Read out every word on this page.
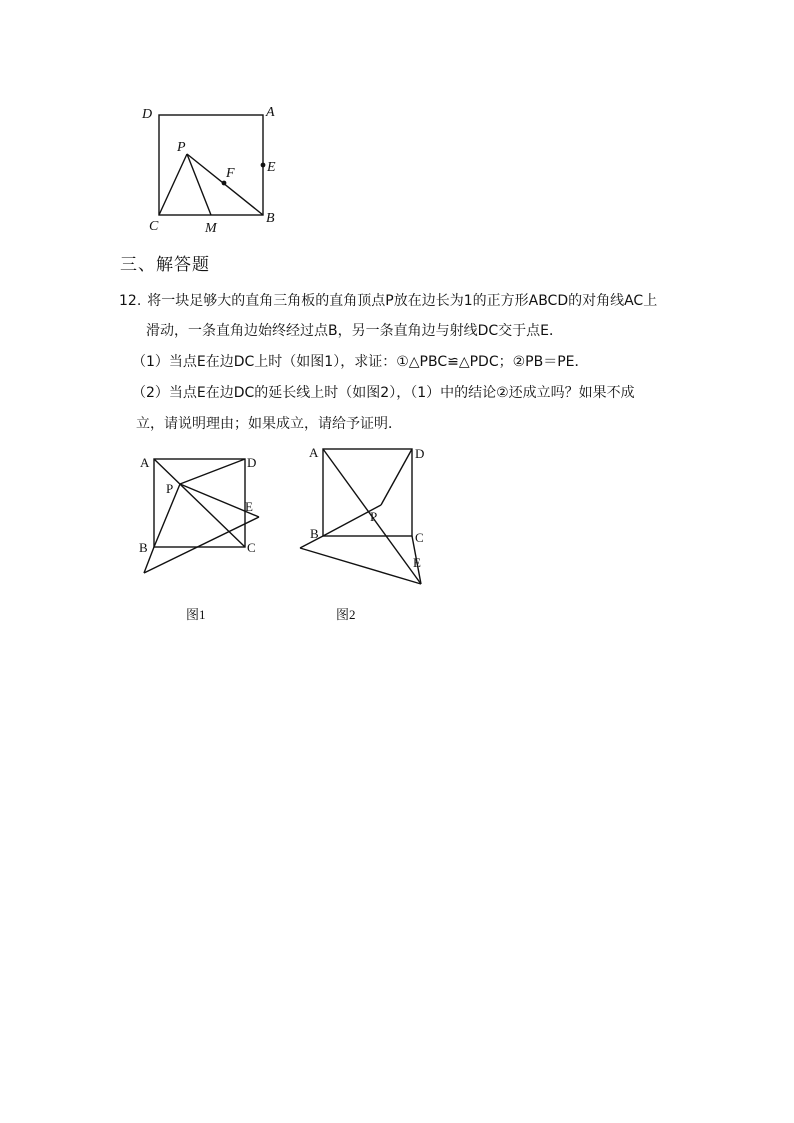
D	A
P
F E
C	M
B
A	D
P
E
B	C
A	D
P
B	C
E
三、解答题
12. 将一块足够大的直角三角板的直角顶点P放在边长为1的正方形ABCD的对角线AC上
滑动，一条直角边始终经过点B，另一条直角边与射线DC交于点E．
（1）当点E在边DC上时（如图1），求证：①△PBC≌△PDC；②PB＝PE．
（2）当点E在边DC的延长线上时（如图2），（1）中的结论②还成立吗？如果不成
立，请说明理由；如果成立，请给予证明．
图1	图2
